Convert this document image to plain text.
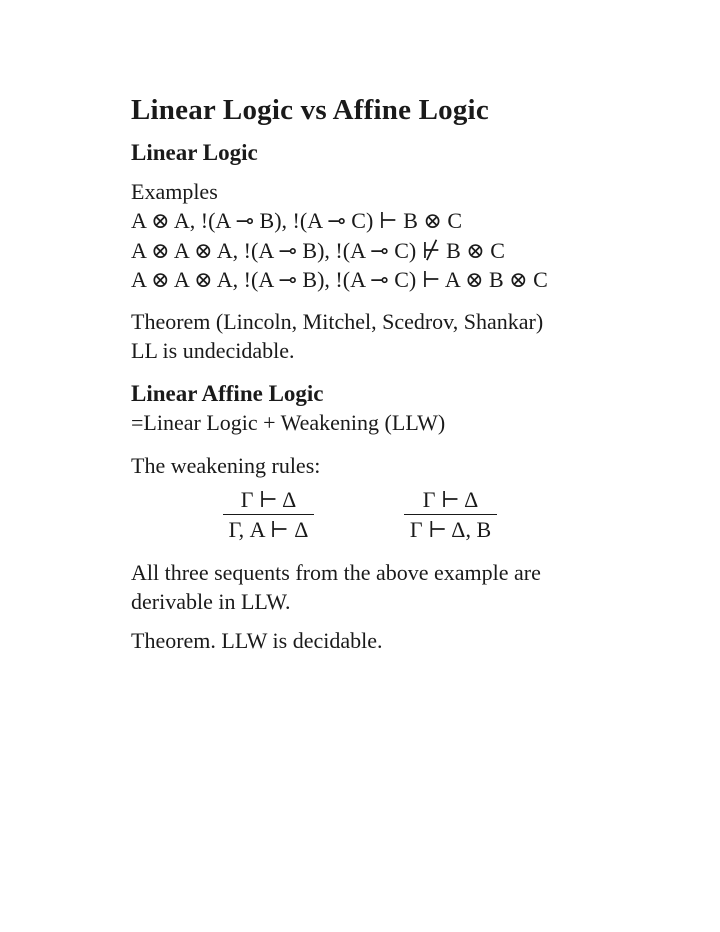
Linear Logic vs Affine Logic
Linear Logic

Examples

A ⊗ A, !(A ⊸ B), !(A ⊸ C) ⊢ B ⊗ C

A ⊗ A ⊗ A, !(A ⊸ B), !(A ⊸ C) ⊬ B ⊗ C

A ⊗ A ⊗ A, !(A ⊸ B), !(A ⊸ C) ⊢ A ⊗ B ⊗ C

Theorem (Lincoln, Mitchel, Scedrov, Shankar)

LL is undecidable.

Linear Affine Logic

=Linear Logic + Weakening (LLW)

The weakening rules:

Γ ⊢ Δ
Γ, A ⊢ Δ
Γ ⊢ Δ
Γ ⊢ Δ, B

All three sequents from the above example are

derivable in LLW.

Theorem. LLW is decidable.
